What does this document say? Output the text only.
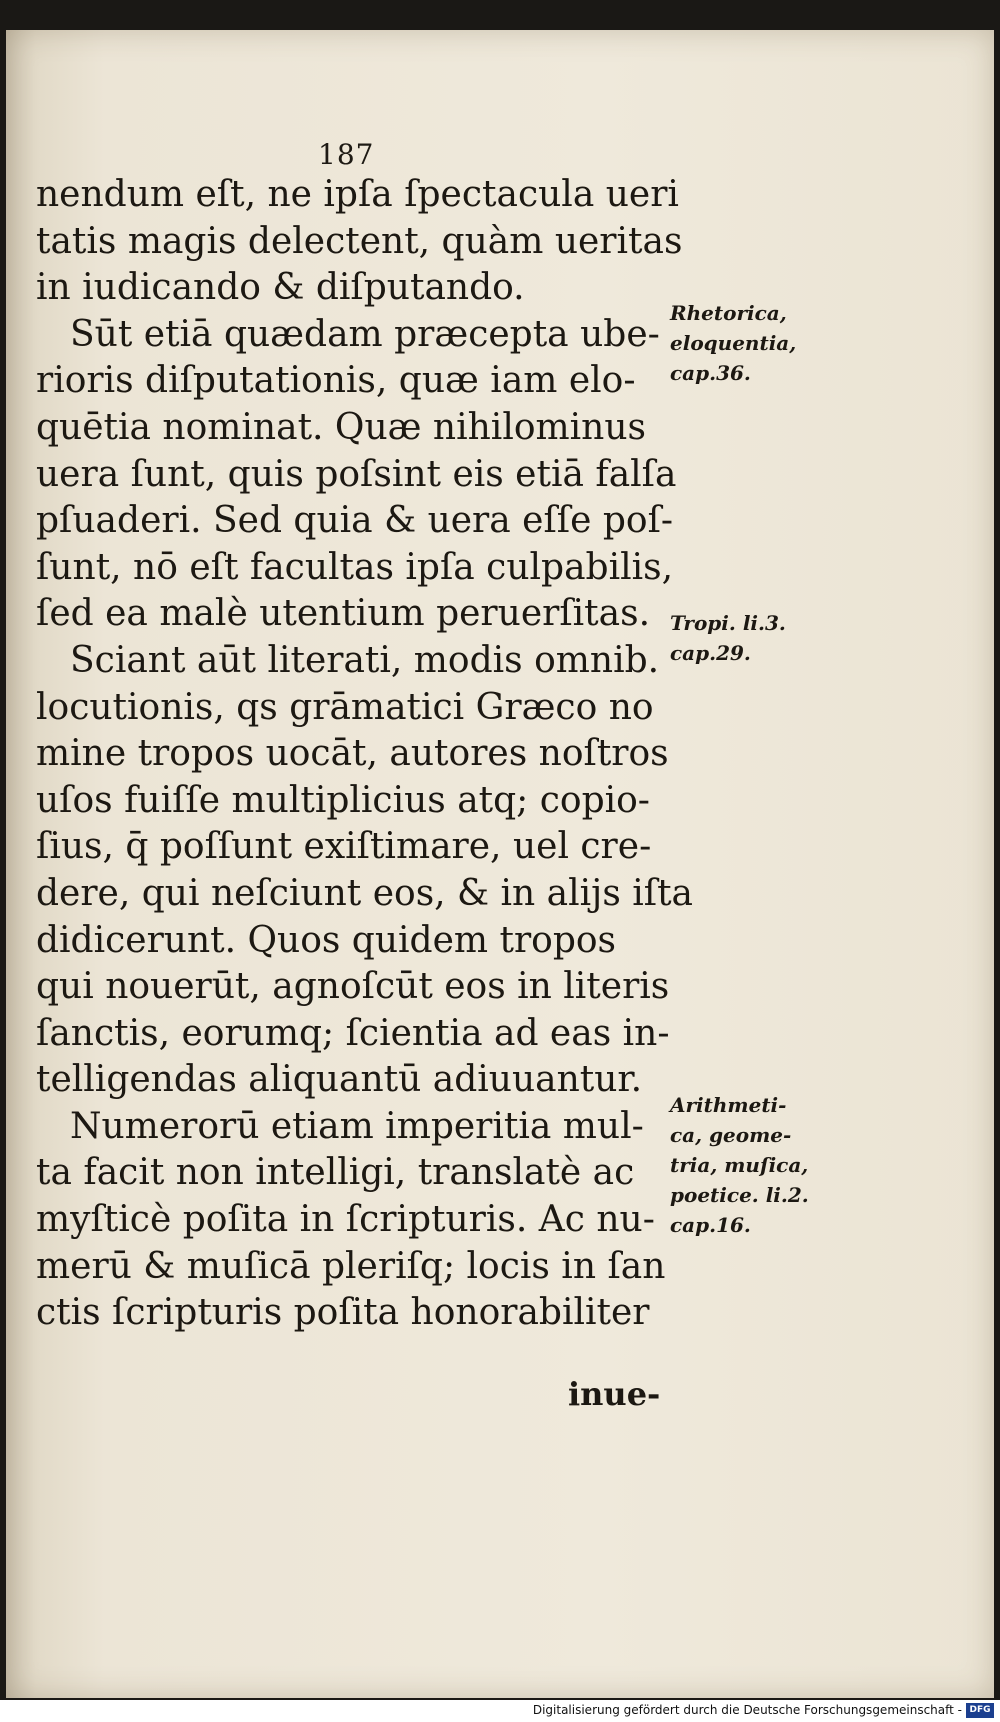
187
nendum eſt, ne ipſa ſpectacula ueri
tatis magis delectent, quàm ueritas
in iudicando & diſputando.
Sūt etiā quædam præcepta ube-
rioris diſputationis, quæ iam elo-
quētia nominat. Quæ nihilominus
uera ſunt, quis poſsint eis etiā falſa
pſuaderi. Sed quia & uera eſſe poſ-
ſunt, nō eſt facultas ipſa culpabilis,
ſed ea malè utentium peruerſitas.
Sciant aūt literati, modis omnib.
locutionis, qs grāmatici Græco no
mine tropos uocāt, autores noſtros
uſos fuiſſe multiplicius atq; copio-
ſius, q̄ poſſunt exiſtimare, uel cre-
dere, qui neſciunt eos, & in alijs iſta
didicerunt. Quos quidem tropos
qui nouerūt, agnoſcūt eos in literis
ſanctis, eorumq; ſcientia ad eas in-
telligendas aliquantū adiuuantur.
Numerorū etiam imperitia mul-
ta facit non intelligi, translatè ac
myſticè poſita in ſcripturis. Ac nu-
merū & muſicā pleriſq; locis in ſan
ctis ſcripturis poſita honorabiliter
inue-
Rhetorica,
eloquentia,
cap.36.
Tropi. li.3.
cap.29.
Arithmeti-
ca, geome-
tria, muſica,
poetice. li.2.
cap.16.
Digitalisierung gefördert durch die Deutsche Forschungsgemeinschaft - DFG
